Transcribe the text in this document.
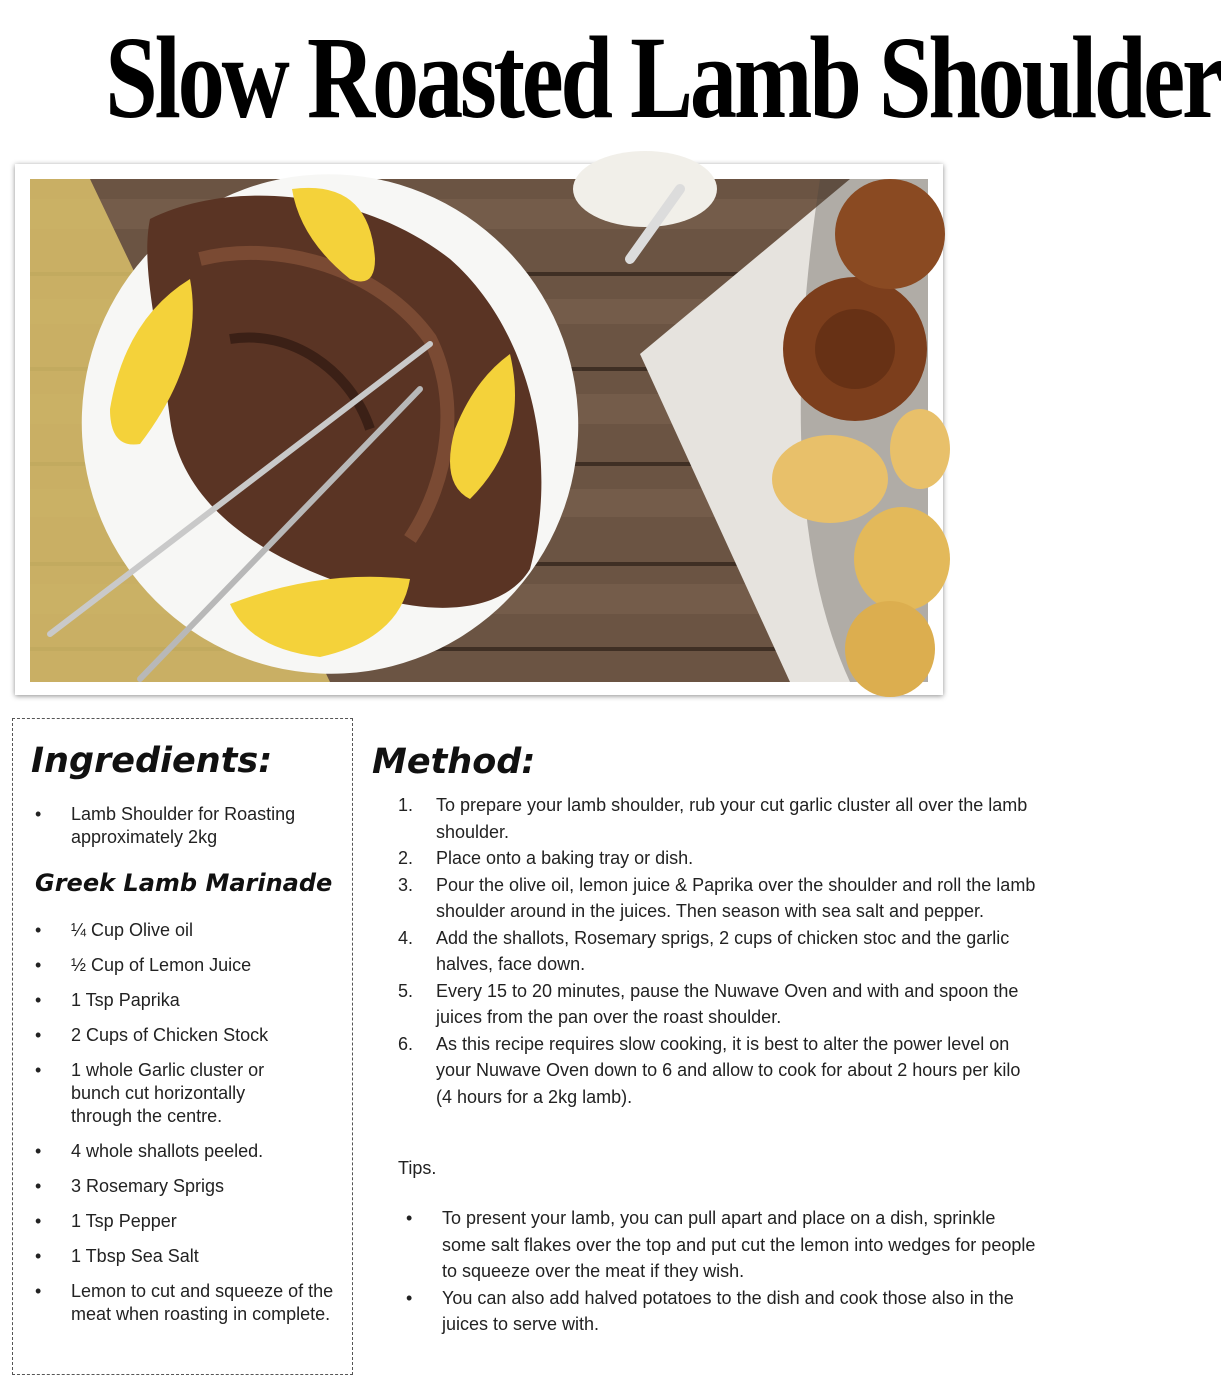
Slow Roasted Lamb Shoulder
Ingredients:
• Lamb Shoulder for Roasting approximately 2kg
Greek Lamb Marinade
• ¼ Cup Olive oil
• ½ Cup of Lemon Juice
• 1 Tsp Paprika
• 2 Cups of Chicken Stock
• 1 whole Garlic cluster or bunch cut horizontally through the centre.
• 4 whole shallots peeled.
• 3 Rosemary Sprigs
• 1 Tsp Pepper
• 1 Tbsp Sea Salt
• Lemon to cut and squeeze of the meat when roasting in complete.
Method:
1. To prepare your lamb shoulder, rub your cut garlic cluster all over the lamb shoulder.
2. Place onto a baking tray or dish.
3. Pour the olive oil, lemon juice & Paprika over the shoulder and roll the lamb shoulder around in the juices. Then season with sea salt and pepper.
4. Add the shallots, Rosemary sprigs, 2 cups of chicken stoc and the garlic halves, face down.
5. Every 15 to 20 minutes, pause the Nuwave Oven and with and spoon the juices from the pan over the roast shoulder.
6. As this recipe requires slow cooking, it is best to alter the power level on your Nuwave Oven down to 6 and allow to cook for about 2 hours per kilo (4 hours for a 2kg lamb).
Tips.
• To present your lamb, you can pull apart and place on a dish, sprinkle some salt flakes over the top and put cut the lemon into wedges for people to squeeze over the meat if they wish.
• You can also add halved potatoes to the dish and cook those also in the juices to serve with.
